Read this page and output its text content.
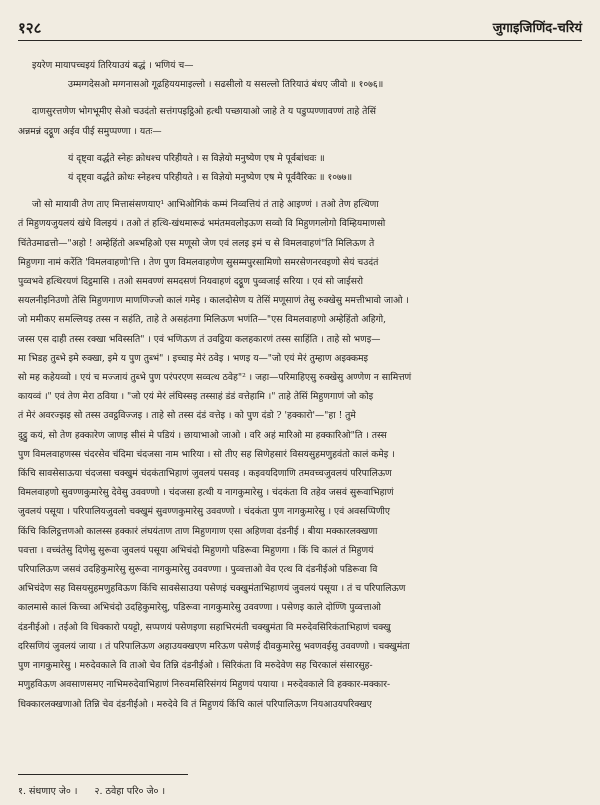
१२८	जुगाइजिणिंद-चरियं

इयरेण मायापच्चइयं तिरियाउयं बद्धं । भणियं च—

उम्मग्गदेसओ मग्गनासओ गूढहिययमाइल्लो । सढसीलो य ससल्लो तिरियाउं बंधए जीवो ॥ १०७६॥

दाणसुरत्तणेण भोगभूमीए सेओ चउदंतो सत्तंगपइट्ठिओ हत्थी पच्छायाओ जाहे ते य पडुप्पण्णावण्णं ताहे तेसिं
अन्नमन्नं दट्ठूण अईव पीई समुप्पण्णा । यतः—

यं दृष्ट्वा वर्द्धते स्नेहः क्रोधश्च परिहीयते । स विज्ञेयो मनुष्येण एष मे पूर्वबांधवः ॥

यं दृष्ट्वा वर्द्धते क्रोधः स्नेहश्च परिहीयते । स विज्ञेयो मनुष्येण एष मे पूर्ववैरिकः ॥ १०७७॥

जो सो मायावी तेण ताए मित्तासंसणयाए¹ आभिओगिकं कम्मं निव्वत्तियं तं ताहे आइण्णं । तओ तेण हत्थिणा
तं मिहुणयजुयलयं खंधे विलइयं । तओ तं हत्थि-खंधमारूढं भमंतमवलोइऊण सव्वो वि मिहुणगलोगो विम्हियमाणसो
चिंतेउमाढत्तो—"अहो ! अम्हेहिंतो अब्भहिओ एस मणूसो जेण एवं ललइ इमं च से विमलवाहणं"ति मिलिऊण ते
मिहुणगा नामं करेंति 'विमलवाहणो'त्ति । तेण पुण विमलवाहणेण सुसम्मपुरसामिणो समरसेणनरवइणो सेयं चउदंतं
पुव्वभवे हत्थिरयणं दिट्ठमासि । तओ समवण्णं समदसणं नियवाहणं दट्ठूण पुव्वजाई सरिया । एवं सो जाईसरो
सयलनीइनिउणो तेसि मिहुणगाण माणणिज्जो कालं गमेइ । कालदोसेण य तेसिं मणूसाणं तेसु रुक्खेसु ममत्तीभावो जाओ ।
जो ममीकए समल्लियइ तस्स न सहंति, ताहे ते असहंतगा मिलिऊण भणंति—"एस विमलवाहणो अम्हेहिंतो अहिगो,
जस्स एस दाही तस्स रक्खा भविस्सति" । एवं भणिऊण तं उवट्ठिया कलहकारणं तस्स साहिंति । ताहे सो भणइ—
मा भिडह तुब्भे इमे रुक्खा, इमे य पुण तुब्भं" । इच्चाइ मेरं ठवेइ । भणइ य—"जो एयं मेरं तुम्हाण अइक्कमइ
सो मह कहेयव्वो । एयं च मज्जायं तुब्भे पुण परंपरएण सव्वत्थ ठवेह"² । जहा—परिमाहिएसु रुक्खेसु अण्णेण न सामित्तणं
कायव्वं ।" एवं तेण मेरा ठविया । "जो एयं मेरं लंघिस्सइ तस्साहं डंडं वत्तेहामि ।" ताहे तेसिं मिहुणगाणं जो कोइ
तं मेरं अवरज्झइ सो तस्स उवट्ठविज्जइ । ताहे सो तस्स दंडं वत्तेइ । को पुण दंडो ? 'हक्कारो'—"हा ! तुमे
दुट्ठु कयं, सो तेण हक्कारेण जाणइ सीसं मे पडियं । छायाभाओ जाओ । वरि अहं मारिओ मा हक्कारिओ"ति । तस्स
पुण विमलवाहणस्स चंदरसेव चंदिमा चंदजसा नाम भारिया । सो तीए सह सिणेहसारं विसयसुहमणुहवंतो कालं कमेइ ।
किंचि सावसेसाऊया चंदजसा चक्खुमं चंदकंताभिहाणं जुवलयं पसवइ । कइवयदिणाणि तमवच्चजुवलयं परिपालिऊण
विमलवाहणो सुवण्णकुमारेसु देवेसु उववण्णो । चंदजसा हत्थी य नागकुमारेसु । चंदकंता वि तहेव जसवं सुरूवाभिहाणं
जुवलयं पसूया । परिपालियजुवलो चक्खुमं सुवण्णकुमारेसु उववण्णो । चंदकंता पुण नागकुमारेसु । एवं अवसप्पिणीए
किंचि किलिट्ठत्तणओ कालस्स हक्कारं लंघयंताण ताण मिहुणगाण एसा अहिणवा दंडनीई । बीया मक्कारलक्खणा
पवत्ता । वच्चंतेसु दिणेसु सुरूवा जुवलयं पसूया अभिचंदो मिहुणगो पडिरूवा मिहुणगा । किं चि कालं तं मिहुणयं
परिपालिऊण जसवं उदहिकुमारेसु सुरूवा नागकुमारेसु उववण्णा । पुव्वत्ताओ वेव एत्थ वि दंडनीईओ पडिरूवा वि
अभिचंदेण सह विसयसुहमणुहविऊण किंचि सावसेसाउया पसेणइं चक्खुमंताभिहाणयं जुवलयं पसूया । तं च परिपालिऊण
कालमासे कालं किच्चा अभिचंदो उदहिकुमारेसु, पडिरूवा नागकुमारेसु उववण्णा । पसेणइ काले दोण्णि पुव्वत्ताओ
दंडनीईओ । तईओ वि धिक्कारो पयट्टो, सप्पणयं पसेणइणा सहाभिरमंती चक्खुमंता वि मरुदेवसिरिकंताभिहाणं चक्खु
दरिसणियं जुवलयं जाया । तं परिपालिऊण अहाउयक्खएण मरिऊण पसेणई दीवकुमारेसु भवणवईसु उववण्णो । चक्खुमंता
पुण नागकुमारेसु । मरुदेवकाले वि ताओ चेव तिन्नि दंडनीईओ । सिरिकंता वि मरुदेवेण सह चिरकालं संसारसुह-
मणुहविऊण अवसाणसमए नाभिमरुदेवाभिहाणं निरुवमसिरिसंगयं मिहुणयं पयाया । मरुदेवकाले वि हक्कार-मक्कार-
धिक्कारलक्खणाओ तिन्नि चेव दंडनीईओ । मरुदेवे वि तं मिहुणयं किंचि कालं परिपालिऊण नियआउयपरिक्खए
१. संधणाए जे० । २. ठवेहा परि० जे० ।
